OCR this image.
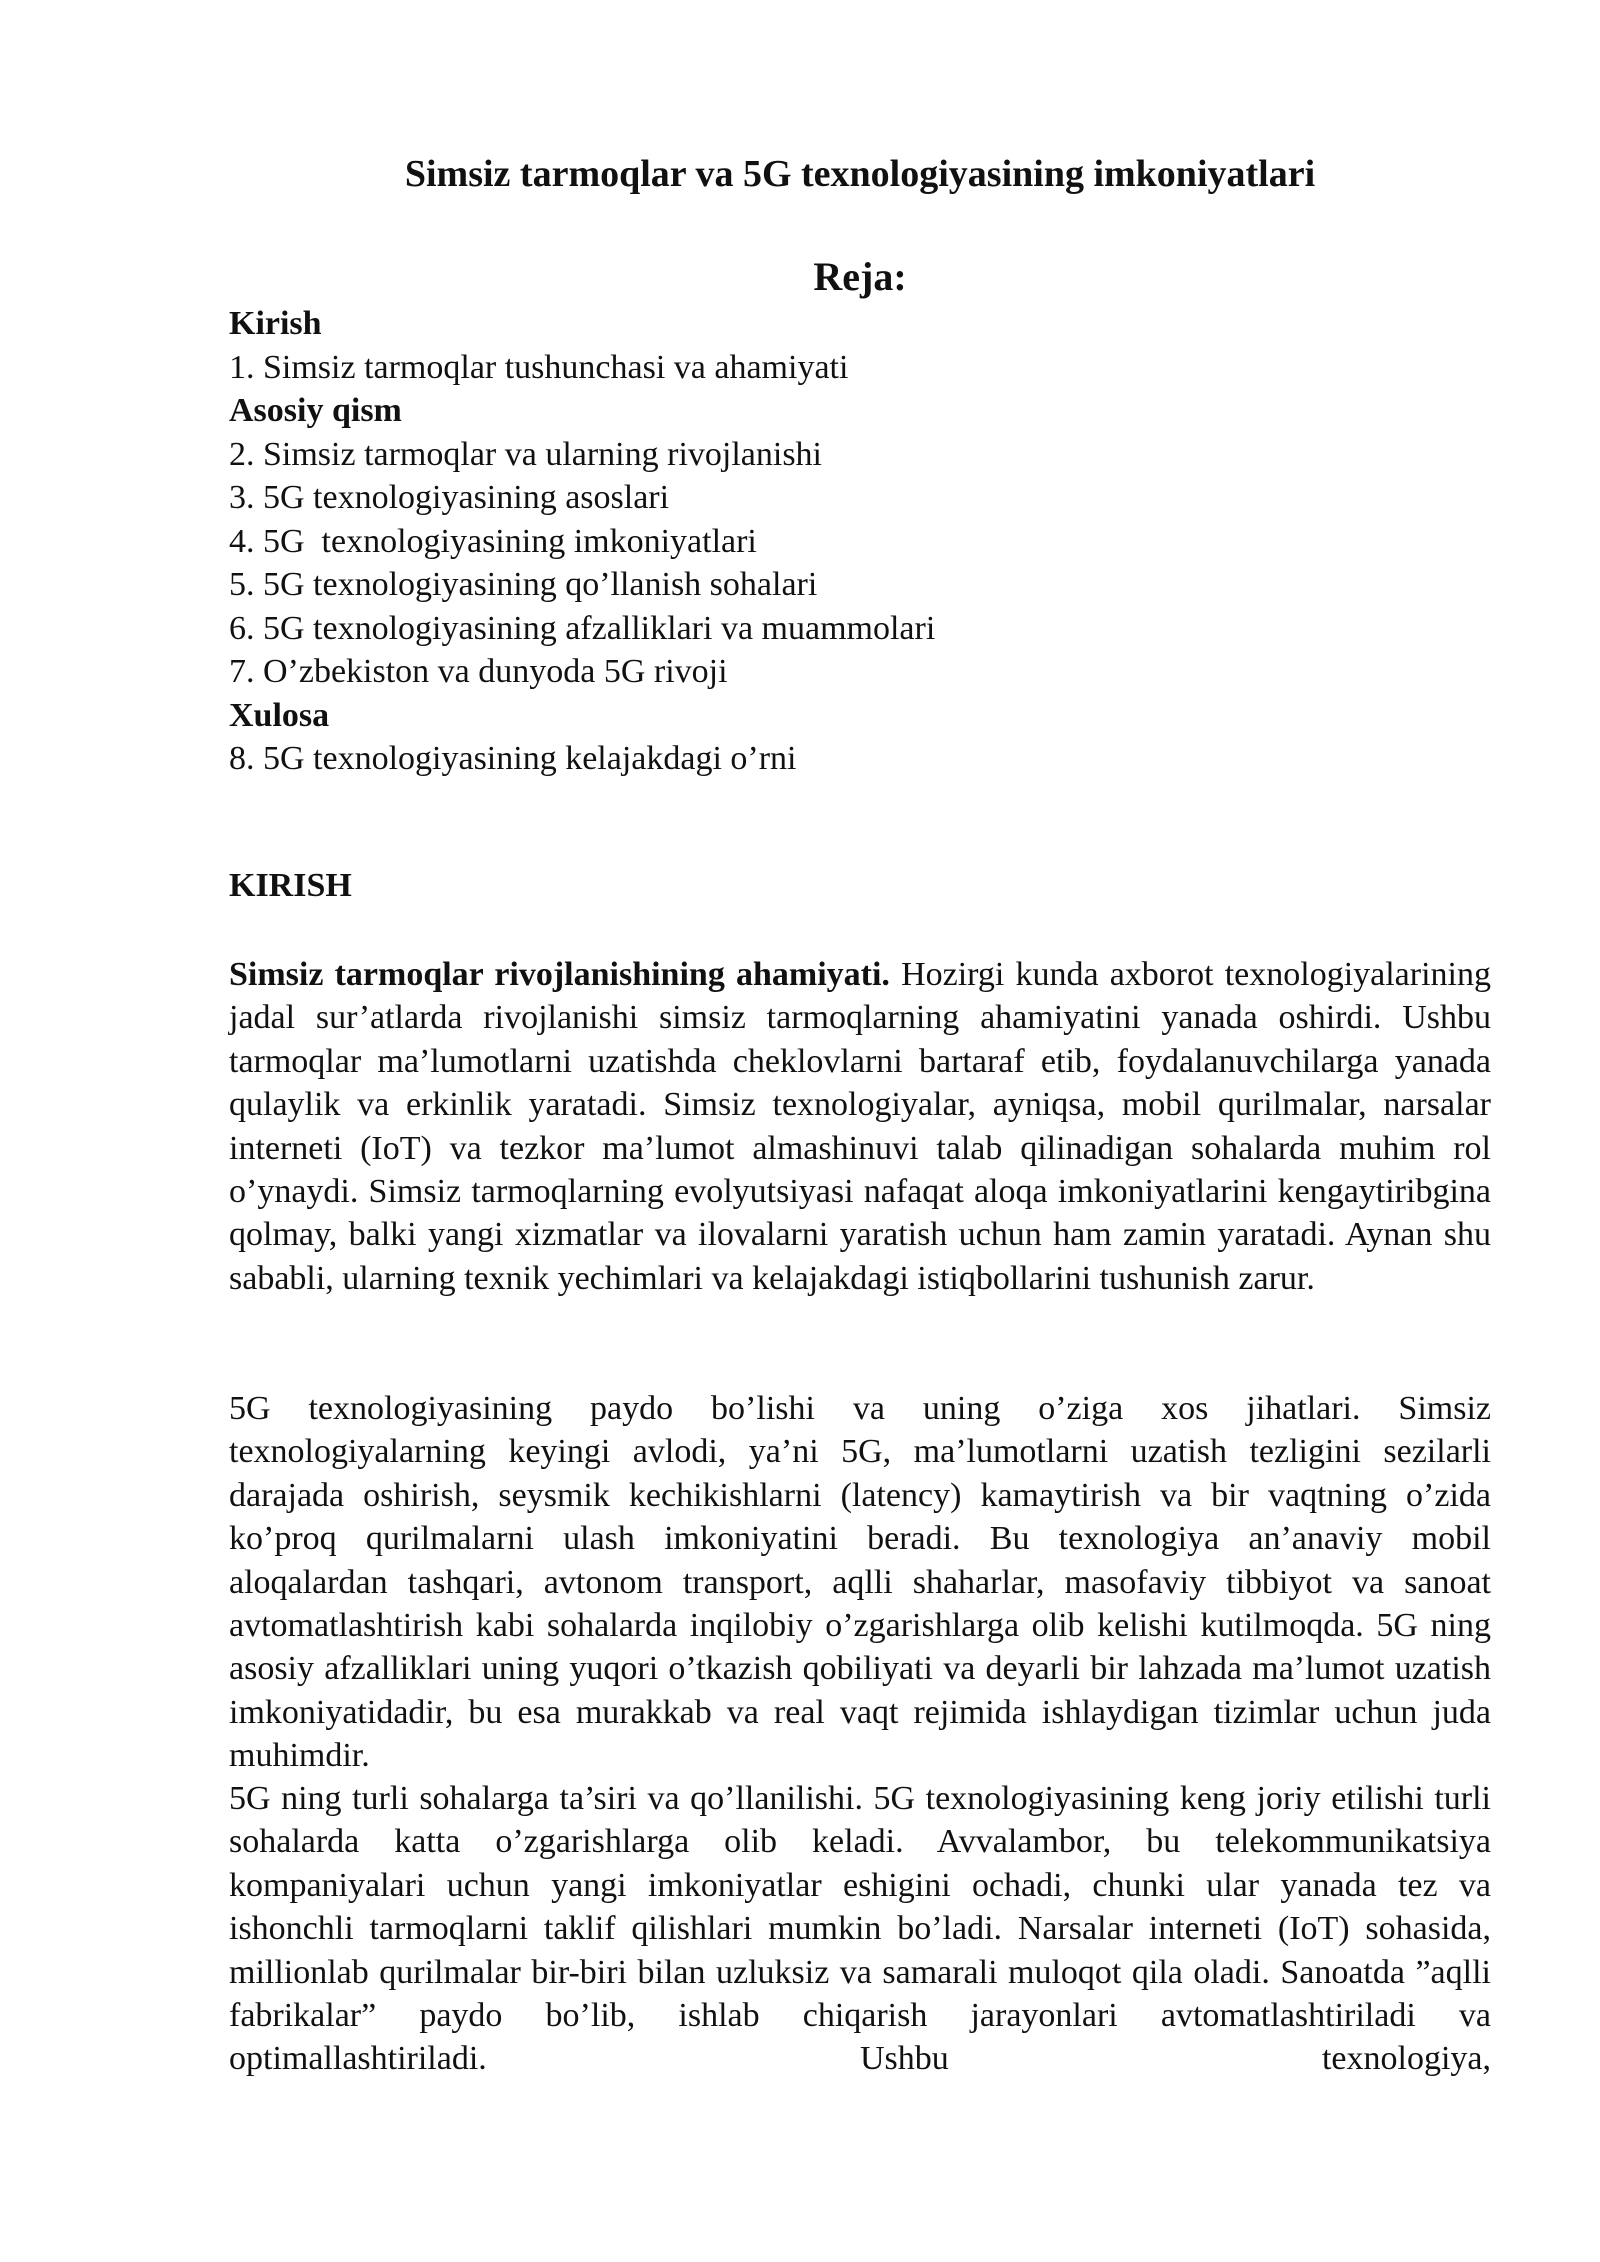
Simsiz tarmoqlar va 5G texnologiyasining imkoniyatlari
Reja:
Kirish
1. Simsiz tarmoqlar tushunchasi va ahamiyati
Asosiy qism
2. Simsiz tarmoqlar va ularning rivojlanishi
3. 5G texnologiyasining asoslari
4. 5G  texnologiyasining imkoniyatlari
5. 5G texnologiyasining qo’llanish sohalari
6. 5G texnologiyasining afzalliklari va muammolari
7. O’zbekiston va dunyoda 5G rivoji
Xulosa
8. 5G texnologiyasining kelajakdagi o’rni
KIRISH

Simsiz tarmoqlar rivojlanishining ahamiyati. Hozirgi kunda axborot texnologiyalarining jadal sur’atlarda rivojlanishi simsiz tarmoqlarning ahamiyatini yanada oshirdi. Ushbu tarmoqlar ma’lumotlarni uzatishda cheklovlarni bartaraf etib, foydalanuvchilarga yanada qulaylik va erkinlik yaratadi. Simsiz texnologiyalar, ayniqsa, mobil qurilmalar, narsalar interneti (IoT) va tezkor ma’lumot almashinuvi talab qilinadigan sohalarda muhim rol o’ynaydi. Simsiz tarmoqlarning evolyutsiyasi nafaqat aloqa imkoniyatlarini kengaytiribgina qolmay, balki yangi xizmatlar va ilovalarni yaratish uchun ham zamin yaratadi. Aynan shu sababli, ularning texnik yechimlari va kelajakdagi istiqbollarini tushunish zarur.

5G texnologiyasining paydo bo’lishi va uning o’ziga xos jihatlari. Simsiz texnologiyalarning keyingi avlodi, ya’ni 5G, ma’lumotlarni uzatish tezligini sezilarli darajada oshirish, seysmik kechikishlarni (latency) kamaytirish va bir vaqtning o’zida ko’proq qurilmalarni ulash imkoniyatini beradi. Bu texnologiya an’anaviy mobil aloqalardan tashqari, avtonom transport, aqlli shaharlar, masofaviy tibbiyot va sanoat avtomatlashtirish kabi sohalarda inqilobiy o’zgarishlarga olib kelishi kutilmoqda. 5G ning asosiy afzalliklari uning yuqori o’tkazish qobiliyati va deyarli bir lahzada ma’lumot uzatish imkoniyatidadir, bu esa murakkab va real vaqt rejimida ishlaydigan tizimlar uchun juda muhimdir.

5G ning turli sohalarga ta’siri va qo’llanilishi. 5G texnologiyasining keng joriy etilishi turli sohalarda katta o’zgarishlarga olib keladi. Avvalambor, bu telekommunikatsiya kompaniyalari uchun yangi imkoniyatlar eshigini ochadi, chunki ular yanada tez va ishonchli tarmoqlarni taklif qilishlari mumkin bo’ladi. Narsalar interneti (IoT) sohasida, millionlab qurilmalar bir-biri bilan uzluksiz va samarali muloqot qila oladi. Sanoatda ”aqlli fabrikalar” paydo bo’lib, ishlab chiqarish jarayonlari avtomatlashtiriladi va optimallashtiriladi. Ushbu texnologiya,
